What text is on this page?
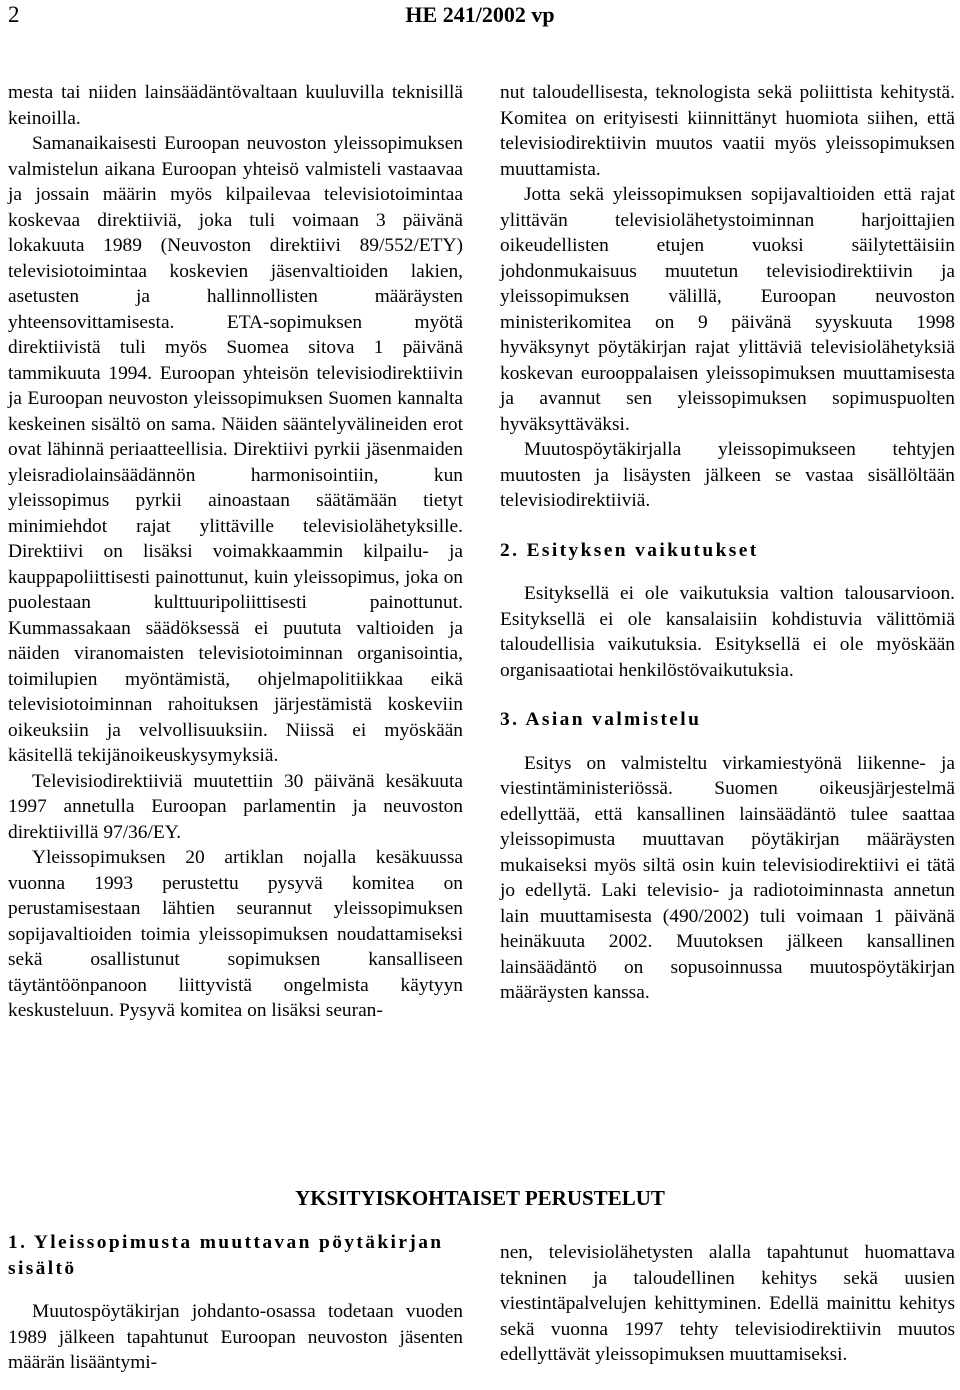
2	HE 241/2002 vp

mesta tai niiden lainsäädäntövaltaan kuuluvilla teknisillä keinoilla.

Samanaikaisesti Euroopan neuvoston yleissopimuksen valmistelun aikana Euroopan yhteisö valmisteli vastaavaa ja jossain määrin myös kilpailevaa televisiotoimintaa koskevaa direktiiviä, joka tuli voimaan 3 päivänä lokakuuta 1989 (Neuvoston direktiivi 89/552/ETY) televisiotoimintaa koskevien jäsenvaltioiden lakien, asetusten ja hallinnollisten määräysten yhteensovittamisesta. ETA-sopimuksen myötä direktiivistä tuli myös Suomea sitova 1 päivänä tammikuuta 1994. Euroopan yhteisön televisiodirektiivin ja Euroopan neuvoston yleissopimuksen Suomen kannalta keskeinen sisältö on sama. Näiden sääntelyvälineiden erot ovat lähinnä periaatteellisia. Direktiivi pyrkii jäsenmaiden yleisradiolainsäädännön harmonisointiin, kun yleissopimus pyrkii ainoastaan säätämään tietyt minimiehdot rajat ylittäville televisiolähetyksille. Direktiivi on lisäksi voimakkaammin kilpailu- ja kauppapoliittisesti painottunut, kuin yleissopimus, joka on puolestaan kulttuuripoliittisesti painottunut. Kummassakaan säädöksessä ei puututa valtioiden ja näiden viranomaisten televisiotoiminnan organisointia, toimilupien myöntämistä, ohjelmapolitiikkaa eikä televisiotoiminnan rahoituksen järjestämistä koskeviin oikeuksiin ja velvollisuuksiin. Niissä ei myöskään käsitellä tekijänoikeuskysymyksiä.

Televisiodirektiiviä muutettiin 30 päivänä kesäkuuta 1997 annetulla Euroopan parlamentin ja neuvoston direktiivillä 97/36/EY.

Yleissopimuksen 20 artiklan nojalla kesäkuussa vuonna 1993 perustettu pysyvä komitea on perustamisestaan lähtien seurannut yleissopimuksen sopijavaltioiden toimia yleissopimuksen noudattamiseksi sekä osallistunut sopimuksen kansalliseen täytäntöönpanoon liittyvistä ongelmista käytyyn keskusteluun. Pysyvä komitea on lisäksi seuran-

nut taloudellisesta, teknologista sekä poliittista kehitystä. Komitea on erityisesti kiinnittänyt huomiota siihen, että televisiodirektiivin muutos vaatii myös yleissopimuksen muuttamista.

Jotta sekä yleissopimuksen sopijavaltioiden että rajat ylittävän televisiolähetystoiminnan harjoittajien oikeudellisten etujen vuoksi säilytettäisiin johdonmukaisuus muutetun televisiodirektiivin ja yleissopimuksen välillä, Euroopan neuvoston ministerikomitea on 9 päivänä syyskuuta 1998 hyväksynyt pöytäkirjan rajat ylittäviä televisiolähetyksiä koskevan eurooppalaisen yleissopimuksen muuttamisesta ja avannut sen yleissopimuksen sopimuspuolten hyväksyttäväksi.

Muutospöytäkirjalla yleissopimukseen tehtyjen muutosten ja lisäysten jälkeen se vastaa sisällöltään televisiodirektiiviä.

2. Esityksen vaikutukset

Esityksellä ei ole vaikutuksia valtion talousarvioon. Esityksellä ei ole kansalaisiin kohdistuvia välittömiä taloudellisia vaikutuksia. Esityksellä ei ole myöskään organisaatiotai henkilöstövaikutuksia.

3. Asian valmistelu

Esitys on valmisteltu virkamiestyönä liikenne- ja viestintäministeriössä. Suomen oikeusjärjestelmä edellyttää, että kansallinen lainsäädäntö tulee saattaa yleissopimusta muuttavan pöytäkirjan määräysten mukaiseksi myös siltä osin kuin televisiodirektiivi ei tätä jo edellytä. Laki televisio- ja radiotoiminnasta annetun lain muuttamisesta (490/2002) tuli voimaan 1 päivänä heinäkuuta 2002. Muutoksen jälkeen kansallinen lainsäädäntö on sopusoinnussa muutospöytäkirjan määräysten kanssa.

YKSITYISKOHTAISET PERUSTELUT

1. Yleissopimusta muuttavan pöytäkirjan sisältö

Muutospöytäkirjan johdanto-osassa todetaan vuoden 1989 jälkeen tapahtunut Euroopan neuvoston jäsenten määrän lisääntymi-

nen, televisiolähetysten alalla tapahtunut huomattava tekninen ja taloudellinen kehitys sekä uusien viestintäpalvelujen kehittyminen. Edellä mainittu kehitys sekä vuonna 1997 tehty televisiodirektiivin muutos edellyttävät yleissopimuksen muuttamiseksi.
